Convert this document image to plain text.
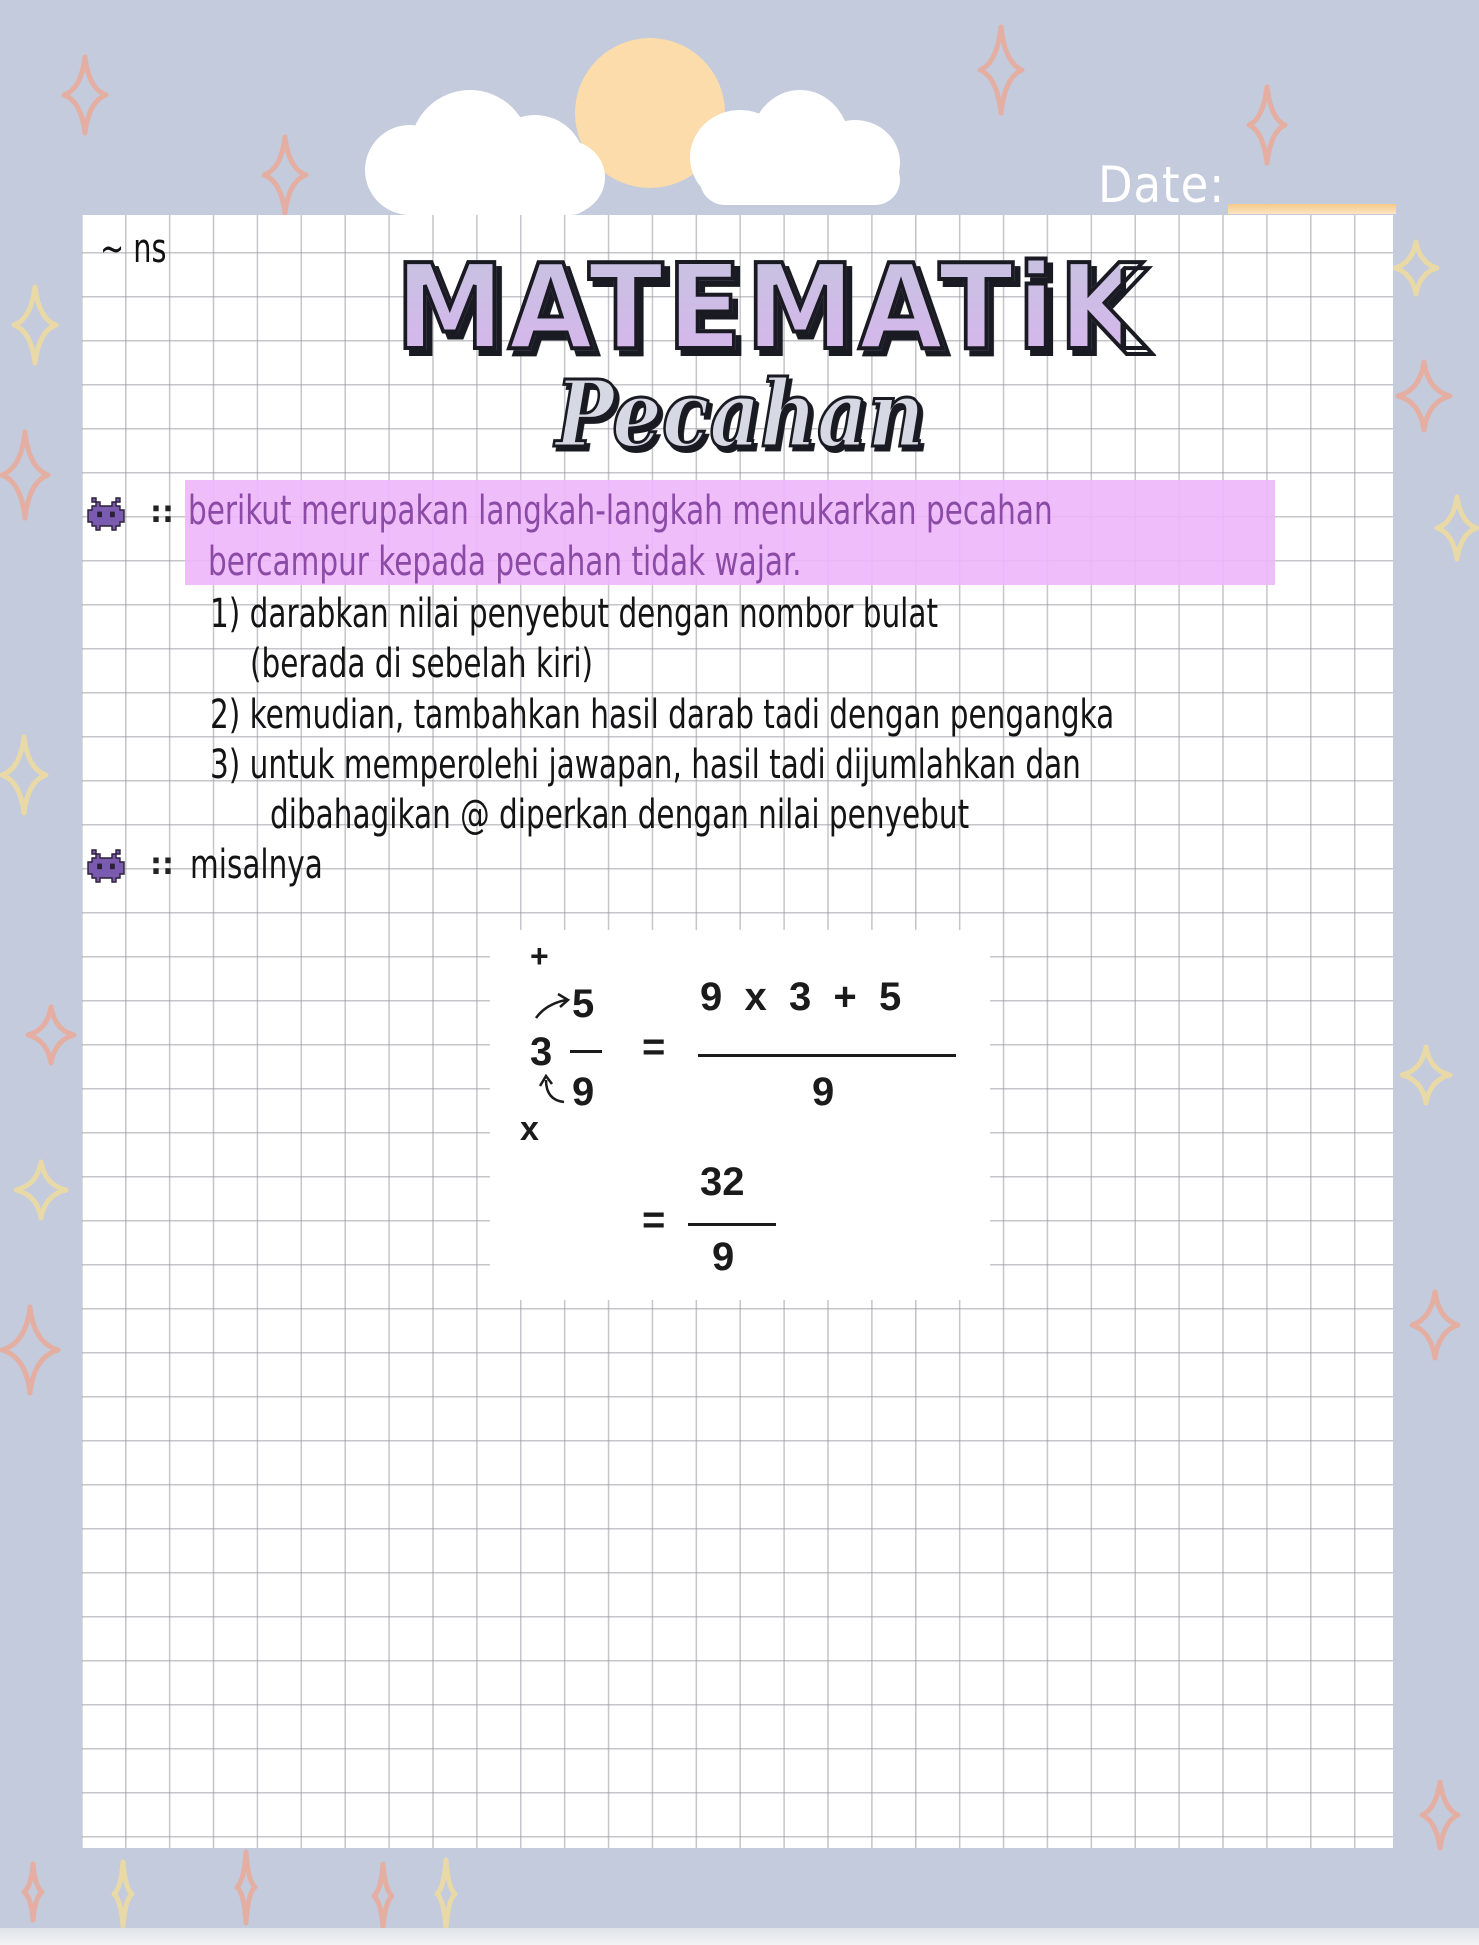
Date:
~ ns MATEMATiK
Pecahan
:: berikut merupakan langkah-langkah menukarkan pecahan
bercampur kepada pecahan tidak wajar.
1) darabkan nilai penyebut dengan nombor bulat
(berada di sebelah kiri)
2) kemudian, tambahkan hasil darab tadi dengan pengangka
3) untuk memperolehi jawapan, hasil tadi dijumlahkan dan
dibahagikan @ diperkan dengan nilai penyebut
:: misalnya
+
5
3
9
x
=
9  x  3  +  5
9
=
32
9
